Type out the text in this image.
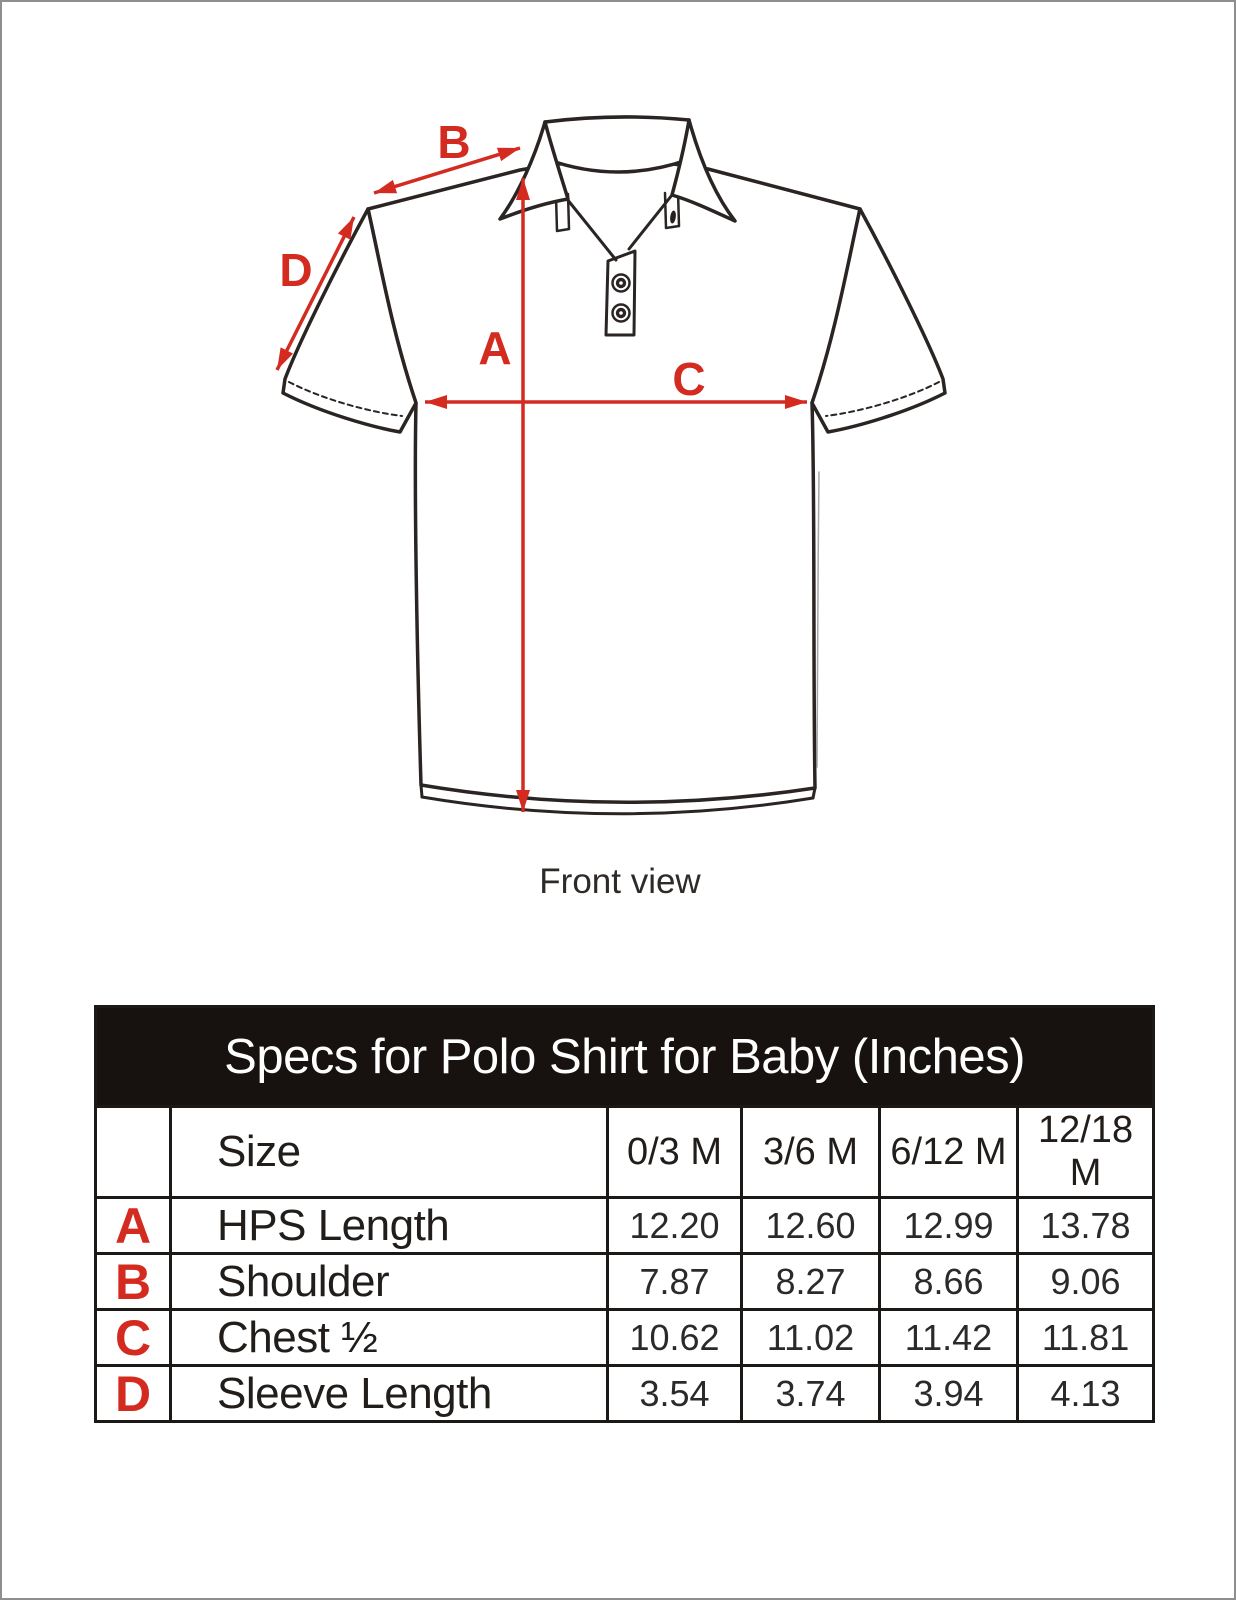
A
B
C
D
Front view
Specs for Polo Shirt for Baby (Inches)					
	Size	0/3 M	3/6 M	6/12 M	12/18 M
A	HPS Length	12.20	12.60	12.99	13.78
B	Shoulder	7.87	8.27	8.66	9.06
C	Chest ½	10.62	11.02	11.42	11.81
D	Sleeve Length	3.54	3.74	3.94	4.13
